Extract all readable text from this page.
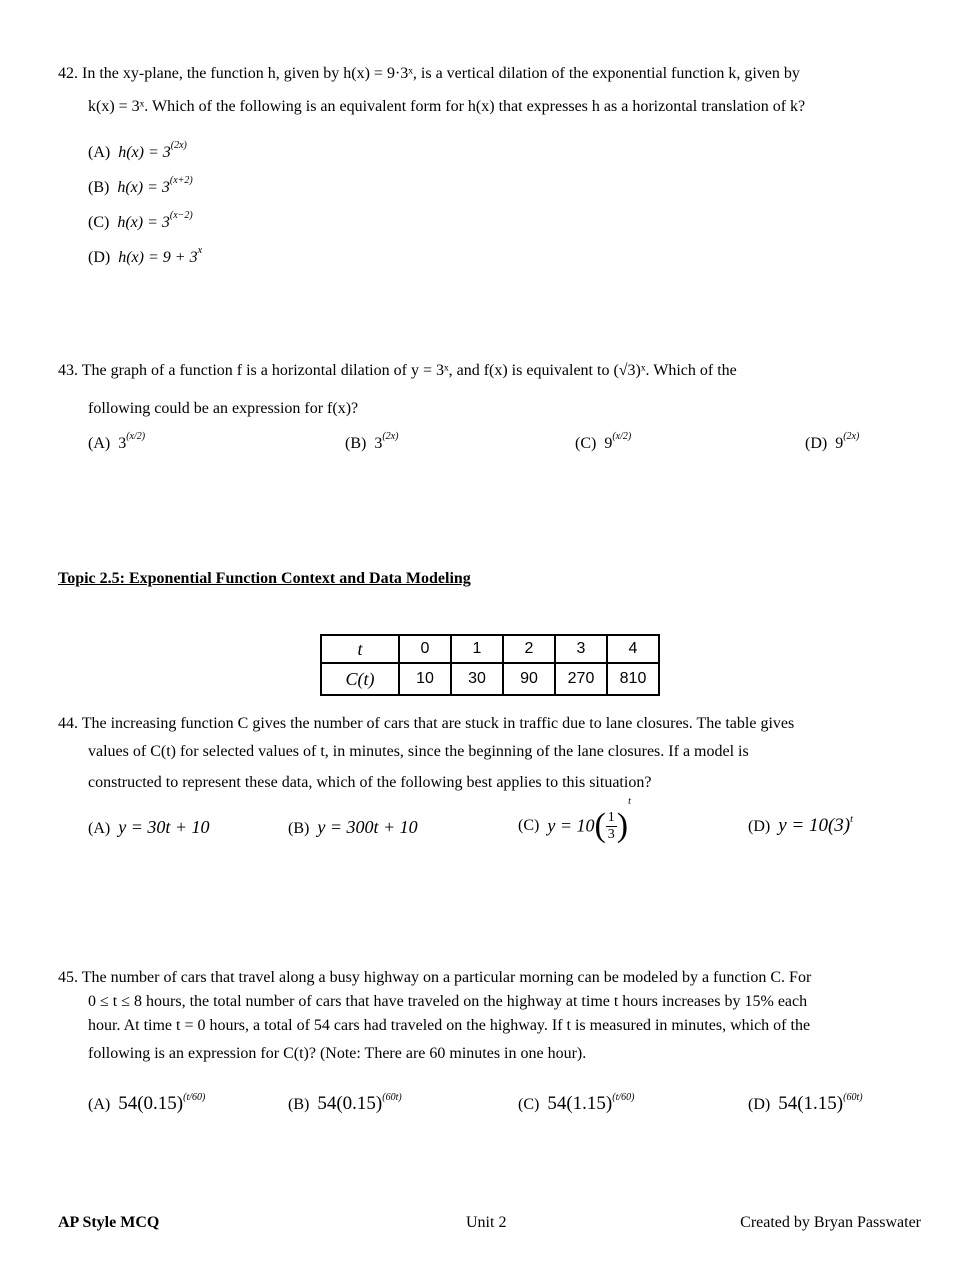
42. In the xy-plane, the function h, given by h(x) = 9·3ˣ, is a vertical dilation of the exponential function k, given by
k(x) = 3ˣ. Which of the following is an equivalent form for h(x) that expresses h as a horizontal translation of k?
(A) $h(x) = 3^{(2x)}$
(B) $h(x) = 3^{(x+2)}$
(C) $h(x) = 3^{(x-2)}$
(D) $h(x) = 9 + 3^x$
43. The graph of a function f is a horizontal dilation of y = 3ˣ, and f(x) is equivalent to (√3)ˣ. Which of the
following could be an expression for f(x)?
(A) $3^{(x/2)}$	(B) $3^{(2x)}$	(C) $9^{(x/2)}$	(D) $9^{(2x)}$
Topic 2.5: Exponential Function Context and Data Modeling
t	0	1	2	3	4
C(t)	10	30	90	270	810
44. The increasing function C gives the number of cars that are stuck in traffic due to lane closures. The table gives
values of C(t) for selected values of t, in minutes, since the beginning of the lane closures. If a model is
constructed to represent these data, which of the following best applies to this situation?
(A) y = 30t + 10	(B) y = 300t + 10	(C) $y = 10( \frac{1}{3} )^t$
(D) $y = 10(3)^t$
45. The number of cars that travel along a busy highway on a particular morning can be modeled by a function C. For
0 ≤ t ≤ 8 hours, the total number of cars that have traveled on the highway at time t hours increases by 15% each
hour. At time t = 0 hours, a total of 54 cars had traveled on the highway. If t is measured in minutes, which of the
following is an expression for C(t)? (Note: There are 60 minutes in one hour).
(A) $54(0.15)^{(t/60)}$	(B) $54(0.15)^{(60t)}$	(C) $54(1.15)^{(t/60)}$	(D) $54(1.15)^{(60t)}$
AP Style MCQ	Unit 2	Created by Bryan Passwater
